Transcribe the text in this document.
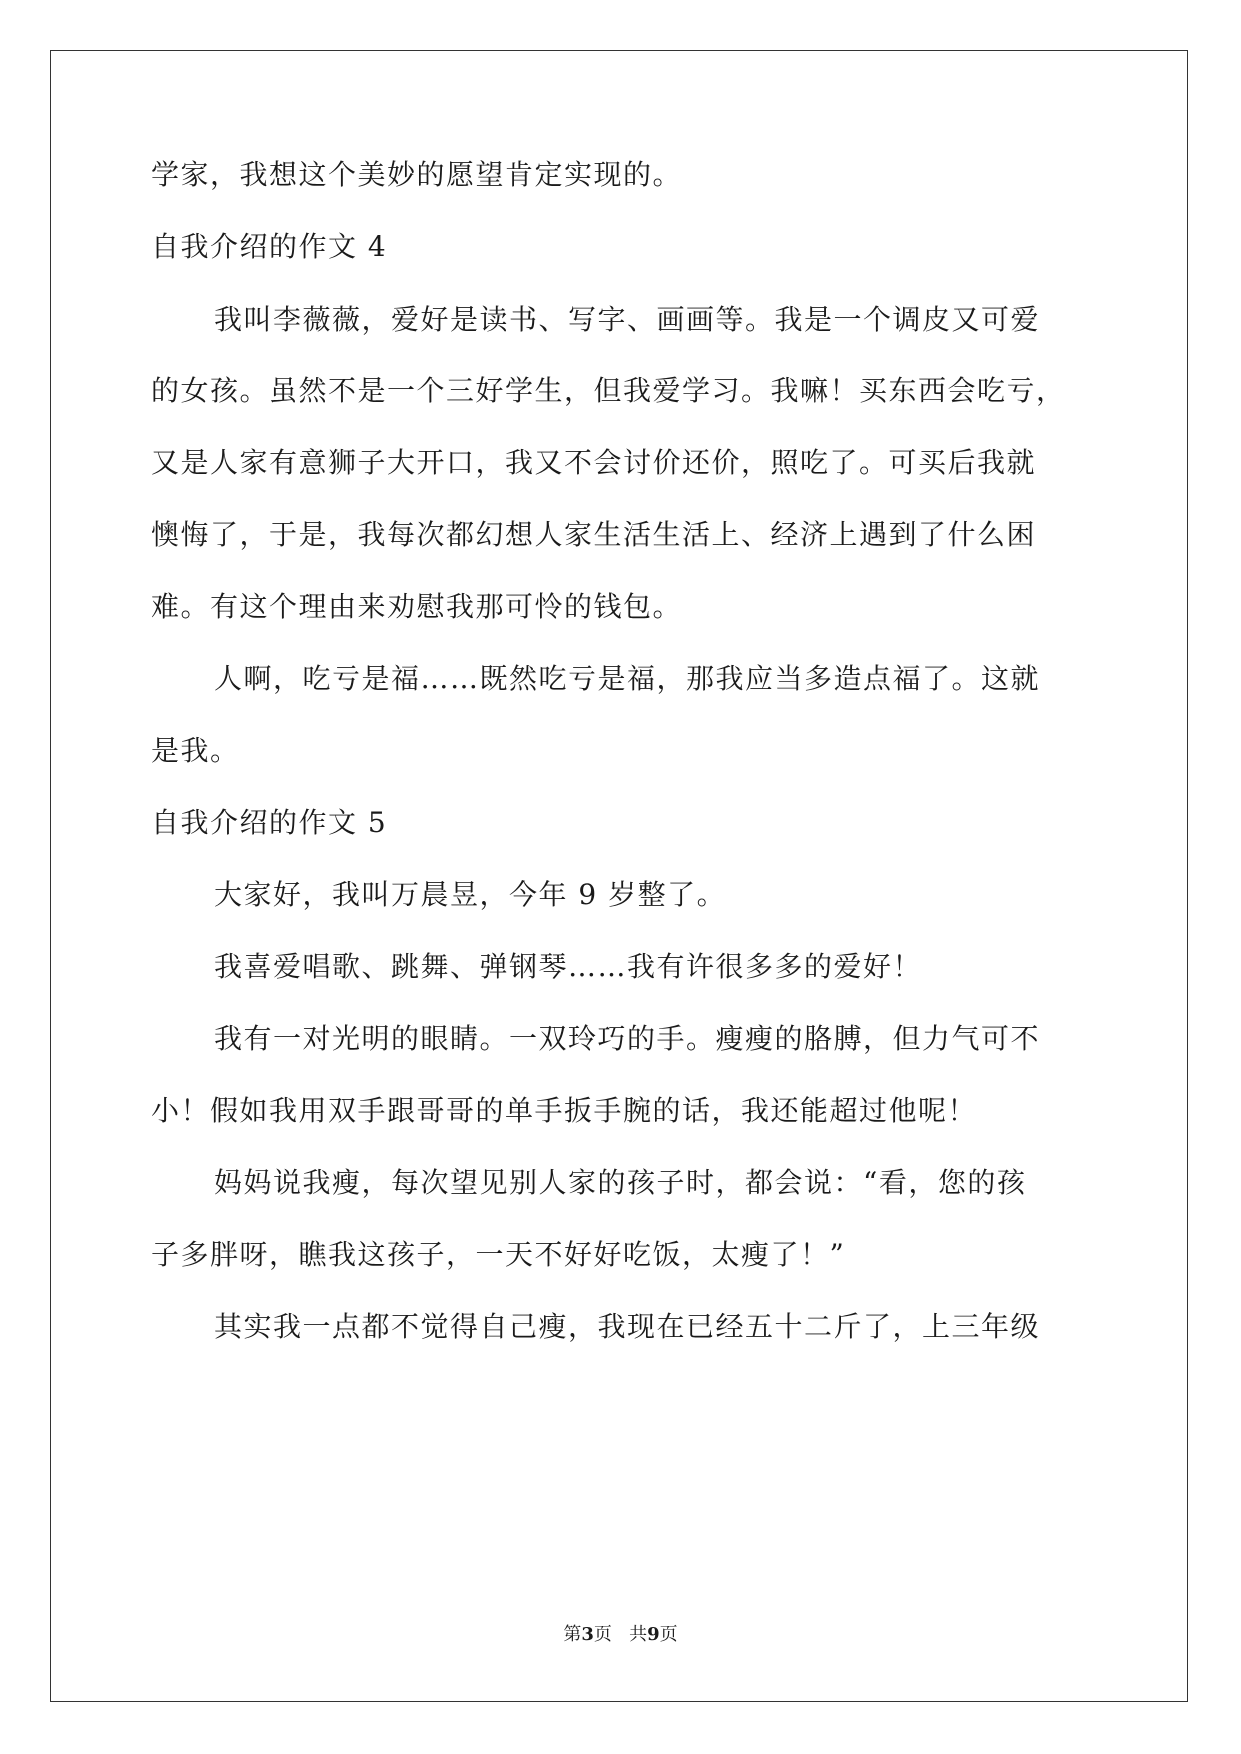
学家，我想这个美妙的愿望肯定实现的。
自我介绍的作文 4
我叫李薇薇，爱好是读书、写字、画画等。我是一个调皮又可爱
的女孩。虽然不是一个三好学生，但我爱学习。我嘛！买东西会吃亏，
又是人家有意狮子大开口，我又不会讨价还价，照吃了。可买后我就
懊悔了，于是，我每次都幻想人家生活生活上、经济上遇到了什么困
难。有这个理由来劝慰我那可怜的钱包。
人啊，吃亏是福……既然吃亏是福，那我应当多造点福了。这就
是我。
自我介绍的作文 5
大家好，我叫万晨昱，今年 9 岁整了。
我喜爱唱歌、跳舞、弹钢琴……我有许很多多的爱好！
我有一对光明的眼睛。一双玲巧的手。瘦瘦的胳膊，但力气可不
小！假如我用双手跟哥哥的单手扳手腕的话，我还能超过他呢！
妈妈说我瘦，每次望见别人家的孩子时，都会说：“看，您的孩
子多胖呀，瞧我这孩子，一天不好好吃饭，太瘦了！”
其实我一点都不觉得自己瘦，我现在已经五十二斤了，上三年级
第3页 共9页
